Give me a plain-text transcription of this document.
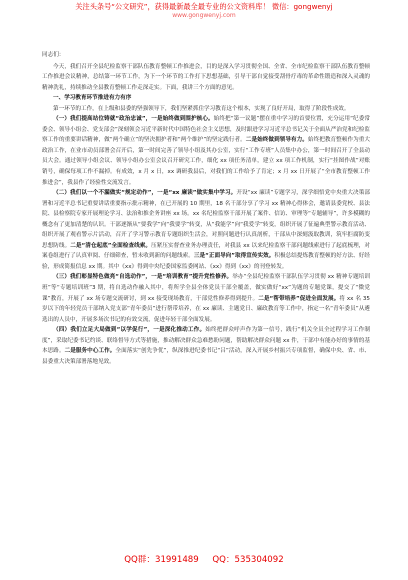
关注头条号“公文研究”，获得最新最全最专业的公文资料库！ 微信：gongwenyj
www.gongwenyj.com

同志们：

今天，我们召开全县纪检监察干部队伍教育整顿工作推进会，目的是深入学习贯彻全国、全省、全市纪检监察干部队伍教育整顿工作推进会议精神，总结第一环节工作，为下一个环节的工作打下思想基础，引导干部自觉接受刮骨疗毒的革命性锻造和深入灵魂的精神洗礼，持续推动全县教育整顿工作走深走实。下面，我讲三个方面的意见。

一、学习教育环节推进有力有序

第一环节的工作，在上级和县委的坚强领导下，我们坚紧抓住学习教育这个根本，实现了良好开局，取得了阶段性成效。

（一）我们提高站位铸就“政治忠诚”，一是始终做到围护核心。始终把“第一议题”摆在重中学习的首要位置，充分运用“纪委常委会、领导小组会、党支部会”深刻领会习近平新时代中国特色社会主义思想，及时跟进学习习近平总书记关于全面从严治党和纪检监察工作的重要讲话精神，做“两个确立”的坚决拥护者和“两个维护”的坚定践行者。二是始终做到领导有力。始终把教育整顿作为重大政治工作，在业市动员部署会召开后，第一时间完善了领导小组及其办公室，实行“工作专班”人员集中办公，第一时间召开了全县动员大会。通过领导小组会议、领导小组办公室会议召开研究工作，细化 xx 项任务清单，建立 xx 项工作机制，实行“挂图作战”对账销号，确保每项工作不漏掉。有成效，x 月 x 日，xx 调研我县后，对我们的工作给予了肯定；x 月 xx 日开展了“全市教育整顿工作推进会”，我县作了经验性交流发言。

（二）我们以一个不漏做实“规定动作”，一是“xx 廉读”做实集中学习。开设“xx 廉读”专题学习，深学细悟党中央重大决策部署和习近平总书记重要讲话重要指示批示精神，在已开展的 10 期里，18 名干部分享了学习 xx 精神心得体会，邀请县委党校、县法院、县检察院专家开展理论学习、法治和推企务讲座 xx 场。xx 名纪检监察干部开展了案件、信访、审理等“专题辅导”，许多模糊的概念有了更加清楚的认识。干部逐渐从“要我学”向“我要学”转变，从“我能学”向“我爱学”转变，组织开展了征遍典型警示教育活动、组织开展了观看警示片活动，召开了学习警示教育专题组织生活会，对照问题进行认真剖析，干部从中深刻汲取教训，筑牢拒腐防变思想防线。二是“清仓起底”全面检查线索。压紧压实督查业务办理责任，对我县 xx 以来纪检监察干部问题线索进行了起底梳理，对案卷组进行了认真审阅、仔细筛查，暂未收到新的问题线索。三是“正面导向”取得宣传实效。积极总结提炼教育整顿的好方法、好经验，形成简报信息 xx 期。其中《xx》得到中央纪委国家监委网站、《xx》得到《xx》的刊登转发。

（三）我们彰显特色做亮“自选动作”，一是“培训教育”提升党性修养。举办“全县纪检监察干部队伍学习贯彻 xx 精神专题培训班”等“专题培训班”3 期，将自选动作融入其中，将所学全县全体党员干部全覆盖，做实做好“xx”为题的专题党课，提交了“微党课”教育，开展了 xx 场专题交流研讨，到 xx 接受现场教育，干部党性修养得到提升。二是“帮带培养”促进全面发展。将 xx 名 35 岁以下的年轻党员干部纳入党支部“青年委员”进行帮带培养，在 xx 廉读、主题党日、廉政教育等工作中，指定一名“青年委员”从遴选出的人员中，开展多场次书记的有效交流，促进年轻干部全面发展。

（四）我们立足大局做到“以学促行”，一是深化推动工作。始终把群众呼声作为第一信号，践行“机关全员全过程学习工作制度”，采取纪委书记约谈、联络督导方式等措施，推动解决群众急难愁盼问题，帮助解决群众问题 xx 件，干部中有能办好的事情的基本思路。二是服务中心工作。全面落实“创先争优”，纵深推进纪委书记“吕”活动，深入开展乡村振兴专项监督，确保中央、省、市、县委重大决策部署落地见效。

QQ群：31991489     QQ：535304092
